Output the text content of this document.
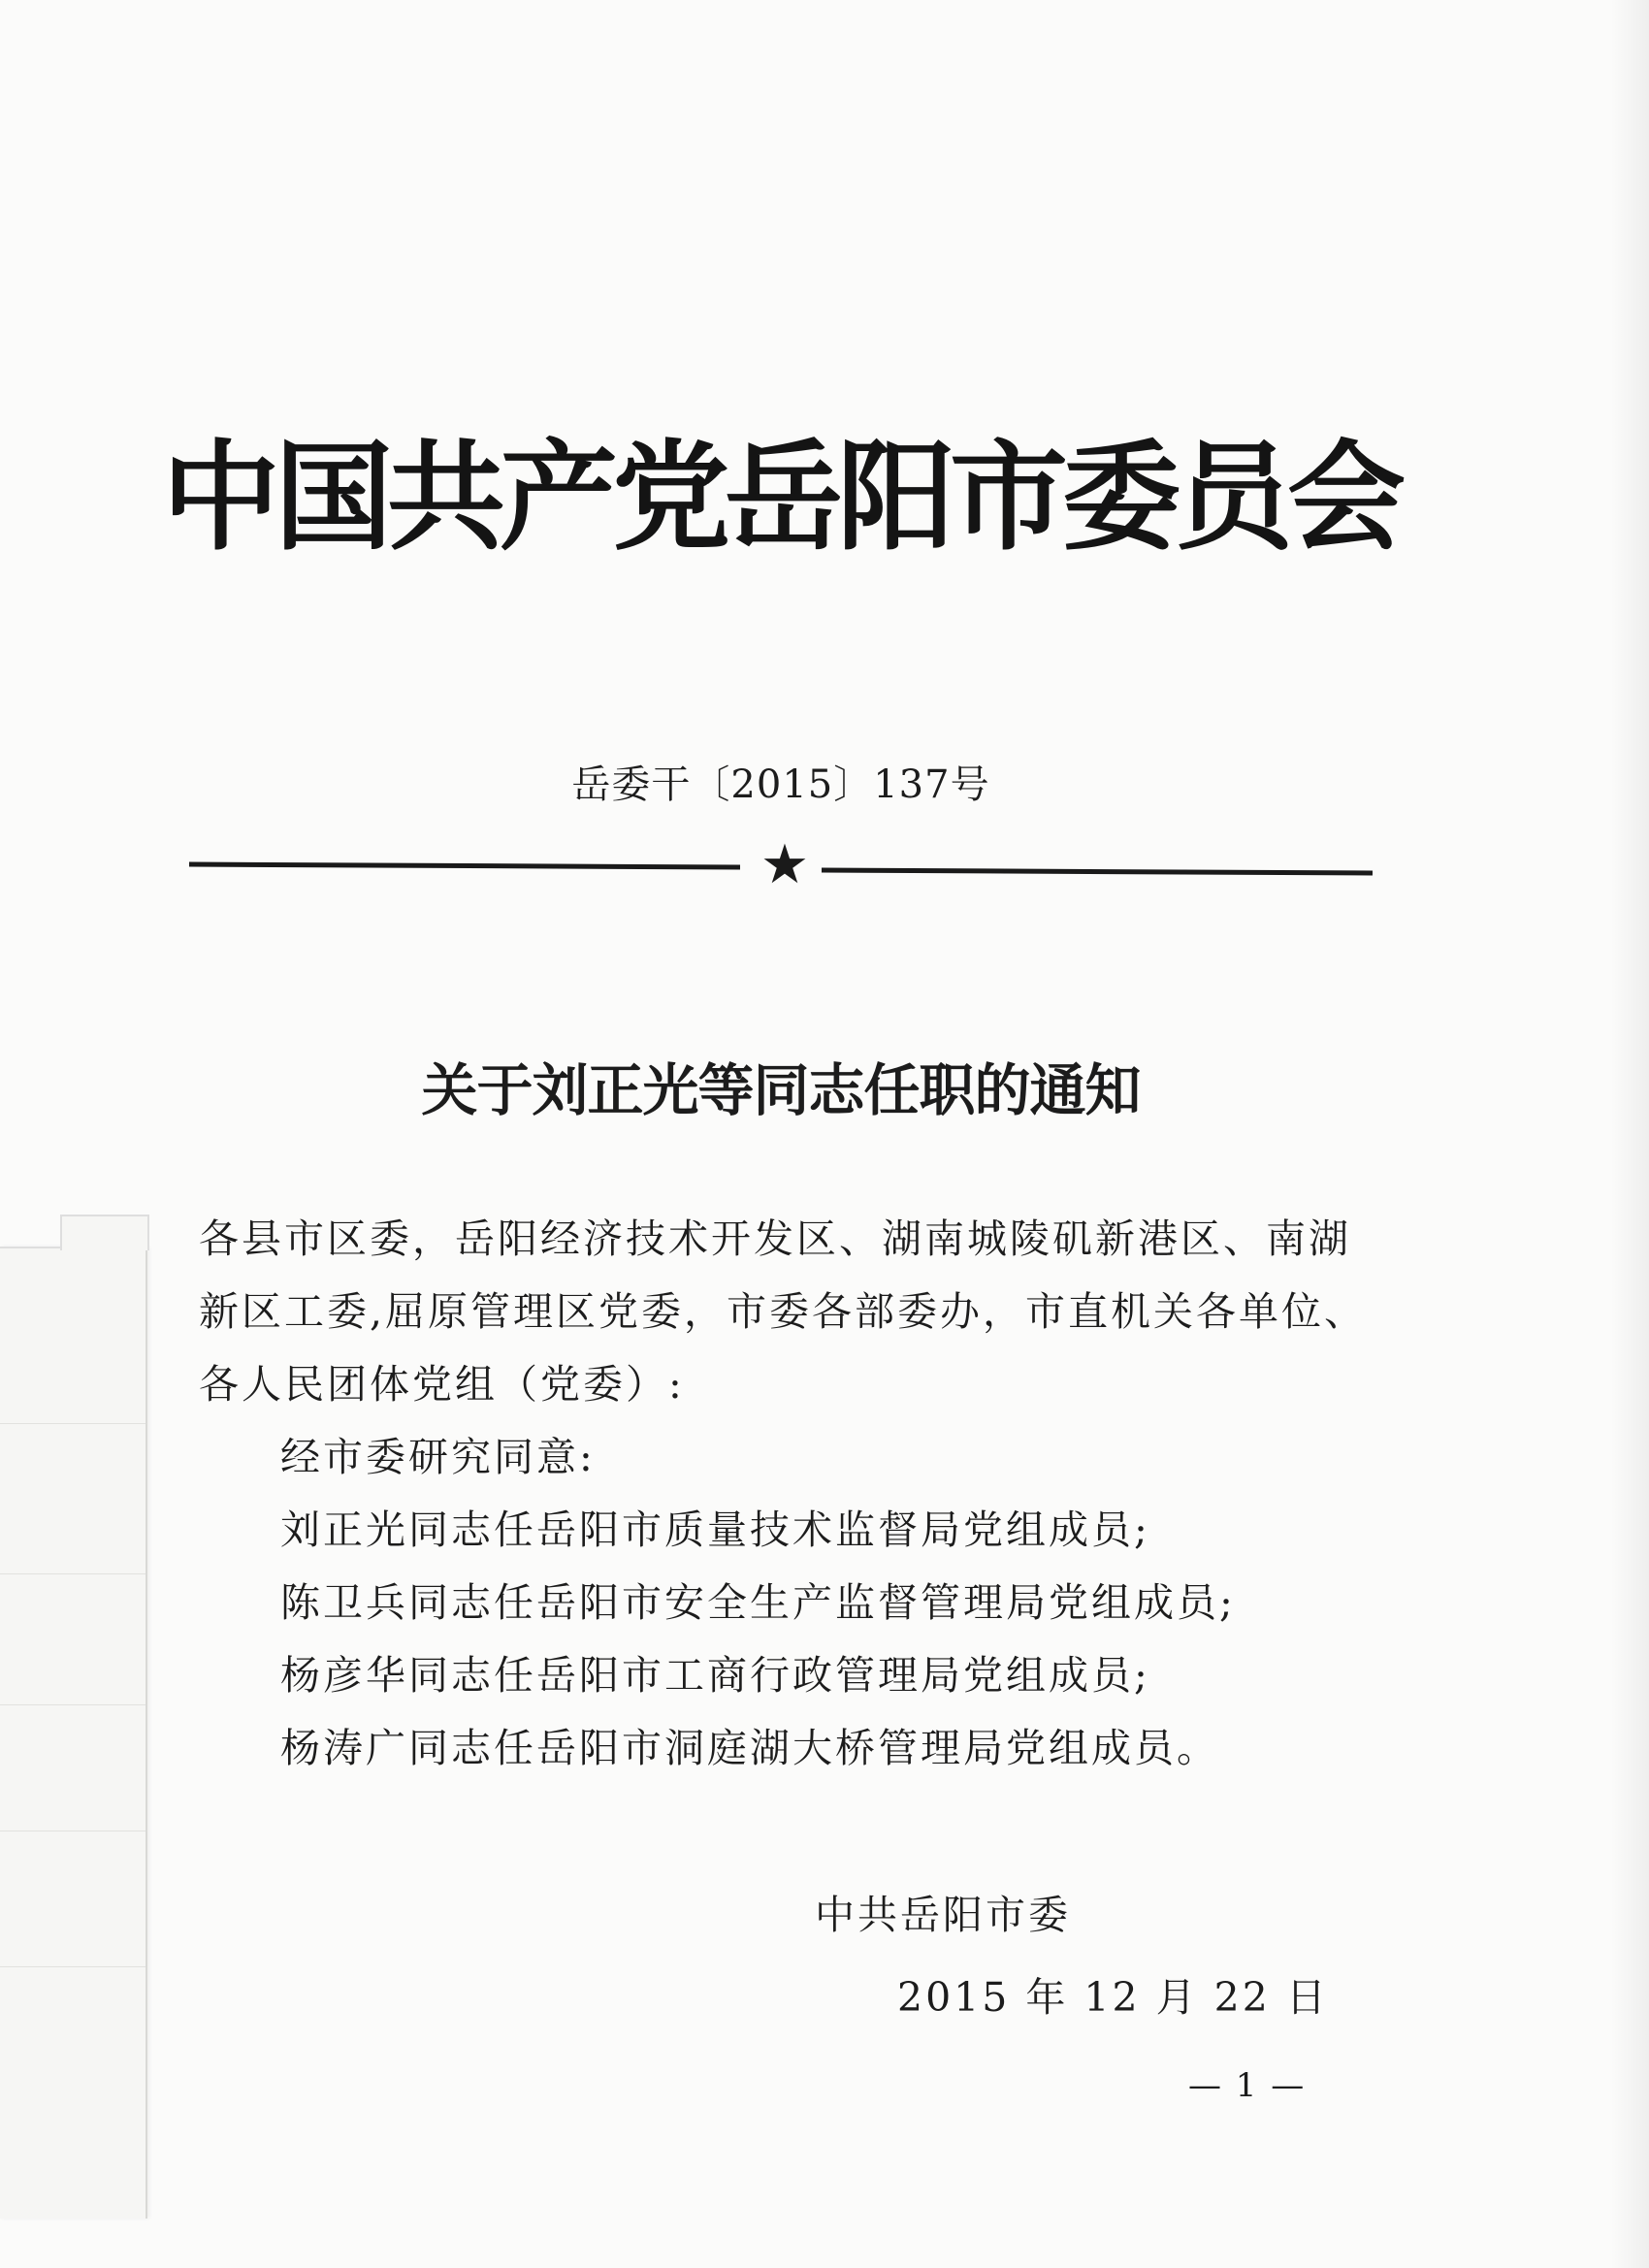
中国共产党岳阳市委员会
岳委干〔2015〕137号
★
关于刘正光等同志任职的通知

各县市区委，岳阳经济技术开发区、湖南城陵矶新港区、南湖
新区工委,屈原管理区党委，市委各部委办，市直机关各单位、
各人民团体党组（党委）:

经市委研究同意:
刘正光同志任岳阳市质量技术监督局党组成员;
陈卫兵同志任岳阳市安全生产监督管理局党组成员;
杨彦华同志任岳阳市工商行政管理局党组成员;
杨涛广同志任岳阳市洞庭湖大桥管理局党组成员。

中共岳阳市委
2015 年 12 月 22 日
— 1 —
